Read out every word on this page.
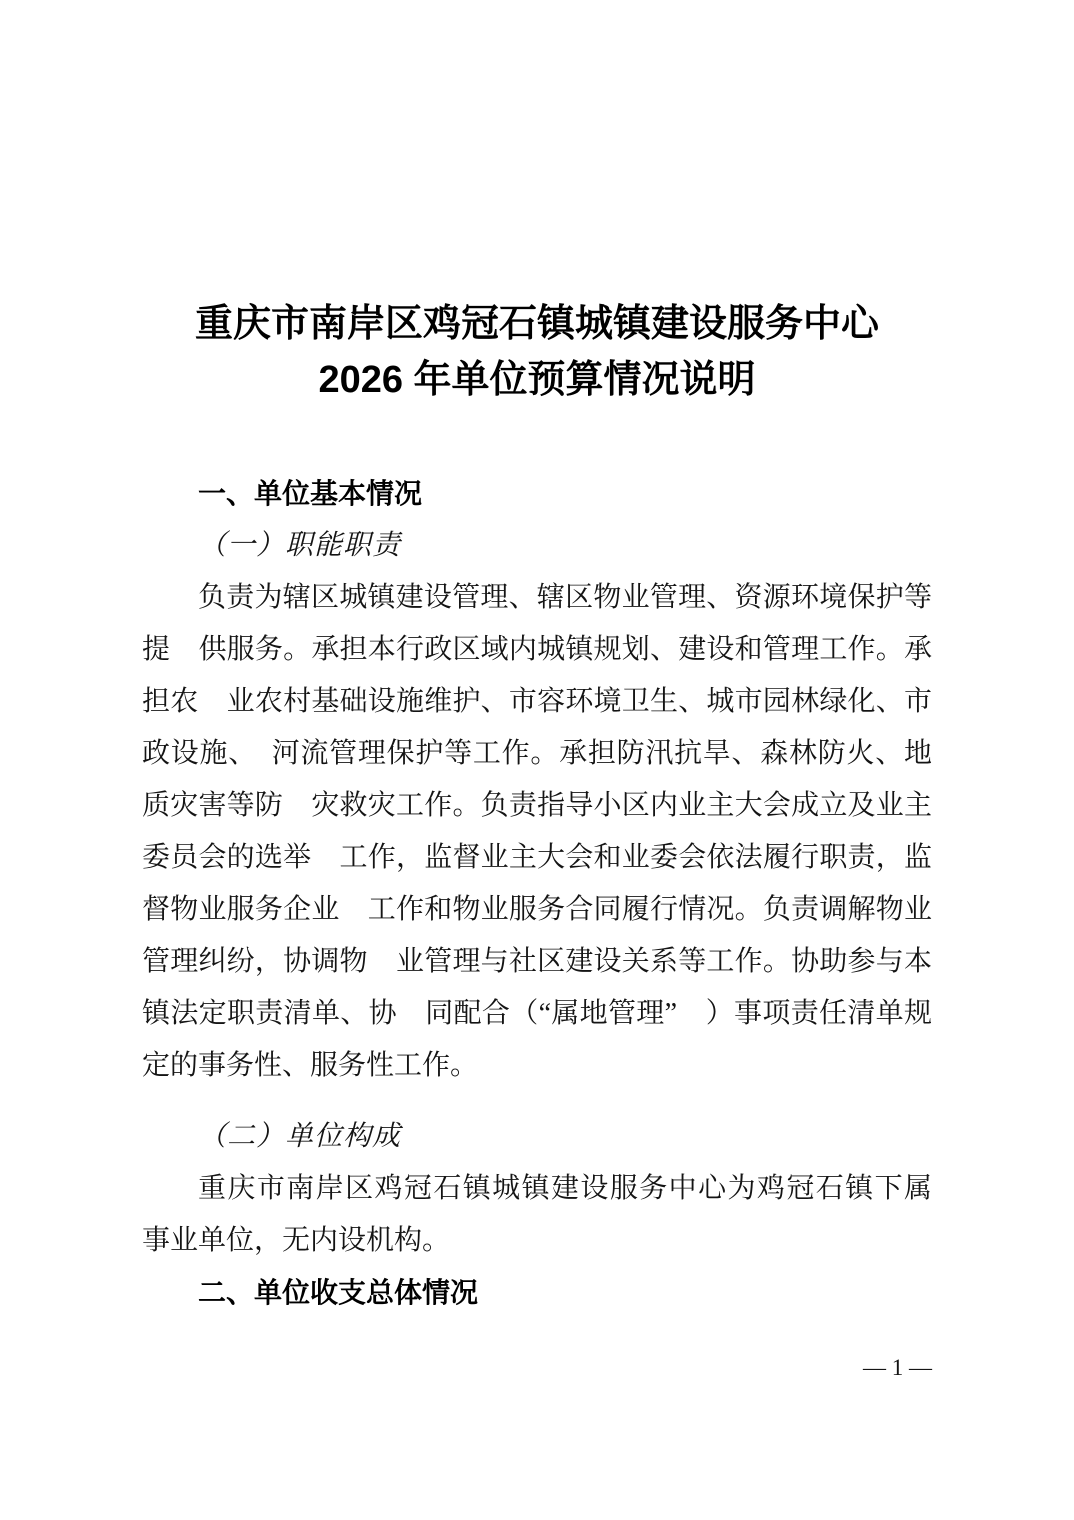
重庆市南岸区鸡冠石镇城镇建设服务中心
2026 年单位预算情况说明
一、单位基本情况
（一）职能职责
负责为辖区城镇建设管理、辖区物业管理、资源环境保护等
提　供服务。承担本行政区域内城镇规划、建设和管理工作。承
担农　业农村基础设施维护、市容环境卫生、城市园林绿化、市
政设施、　河流管理保护等工作。承担防汛抗旱、森林防火、地
质灾害等防　灾救灾工作。负责指导小区内业主大会成立及业主
委员会的选举　工作，监督业主大会和业委会依法履行职责，监
督物业服务企业　工作和物业服务合同履行情况。负责调解物业
管理纠纷，协调物　业管理与社区建设关系等工作。协助参与本
镇法定职责清单、协　同配合（“属地管理”　）事项责任清单规
定的事务性、服务性工作。
（二）单位构成
重庆市南岸区鸡冠石镇城镇建设服务中心为鸡冠石镇下属
事业单位，无内设机构。
二、单位收支总体情况
— 1 —
